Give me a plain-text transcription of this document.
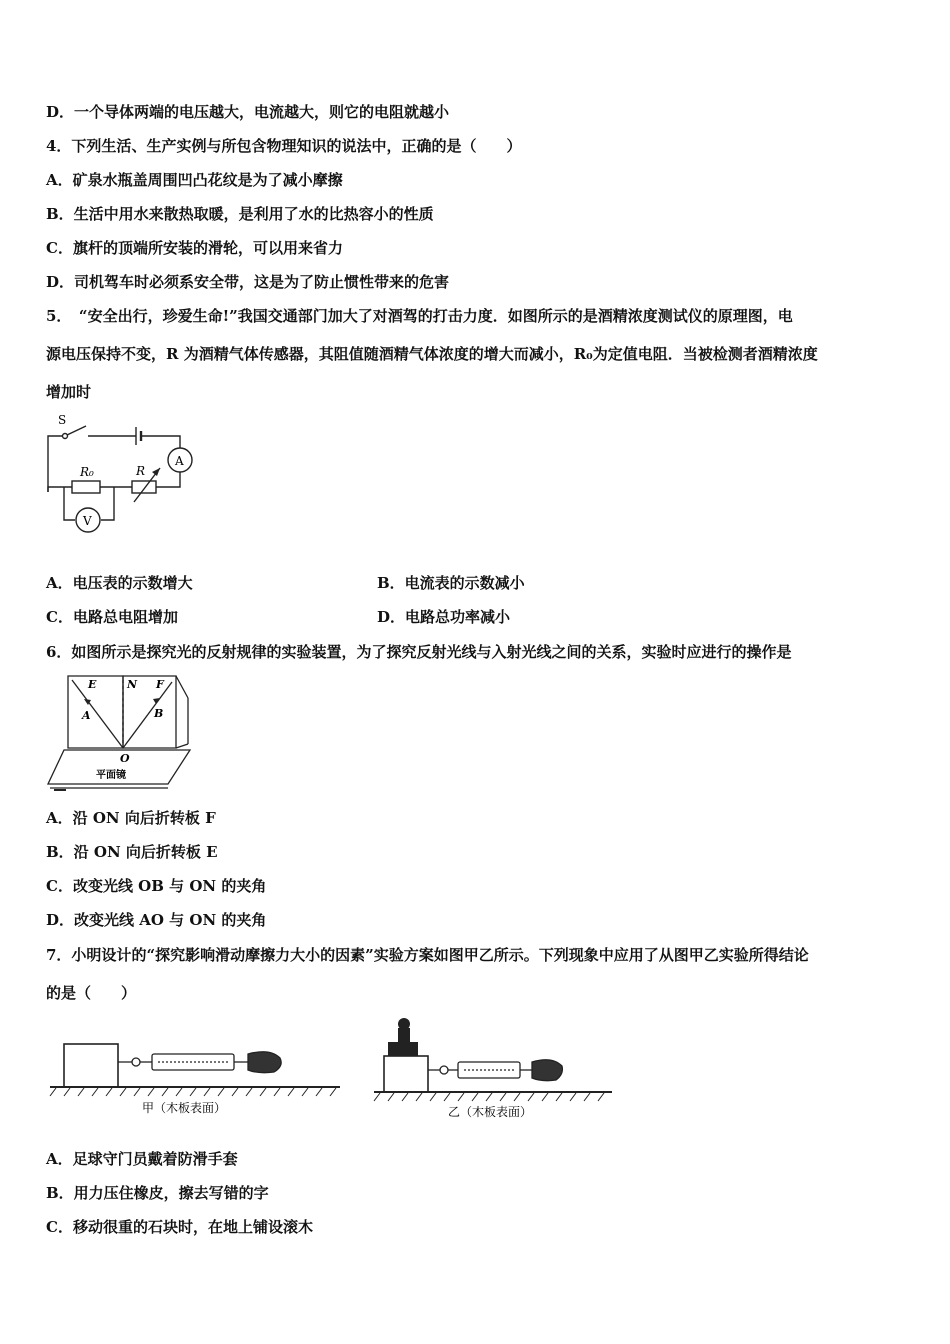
D．一个导体两端的电压越大，电流越大，则它的电阻就越小
4．下列生活、生产实例与所包含物理知识的说法中，正确的是（　　）
A．矿泉水瓶盖周围凹凸花纹是为了减小摩擦
B．生活中用水来散热取暖，是利用了水的比热容小的性质
C．旗杆的顶端所安装的滑轮，可以用来省力
D．司机驾车时必须系安全带，这是为了防止惯性带来的危害
5．　“安全出行，珍爱生命!”我国交通部门加大了对酒驾的打击力度．如图所示的是酒精浓度测试仪的原理图，电
源电压保持不变，R 为酒精气体传感器，其阻值随酒精气体浓度的增大而减小，R₀为定值电阻．当被检测者酒精浓度
增加时
S
R₀	R
A
V
A．电压表的示数增大	B．电流表的示数减小
C．电路总电阻增加	D．电路总功率减小
6．如图所示是探究光的反射规律的实验装置，为了探究反射光线与入射光线之间的关系，实验时应进行的操作是
E	N F
A	B
O
平面镜
A．沿 ON 向后折转板 F
B．沿 ON 向后折转板 E
C．改变光线 OB 与 ON 的夹角
D．改变光线 AO 与 ON 的夹角
7．小明设计的“探究影响滑动摩擦力大小的因素”实验方案如图甲乙所示。下列现象中应用了从图甲乙实验所得结论
的是（　　）
甲（木板表面）	乙（木板表面）
A．足球守门员戴着防滑手套
B．用力压住橡皮，擦去写错的字
C．移动很重的石块时，在地上铺设滚木
